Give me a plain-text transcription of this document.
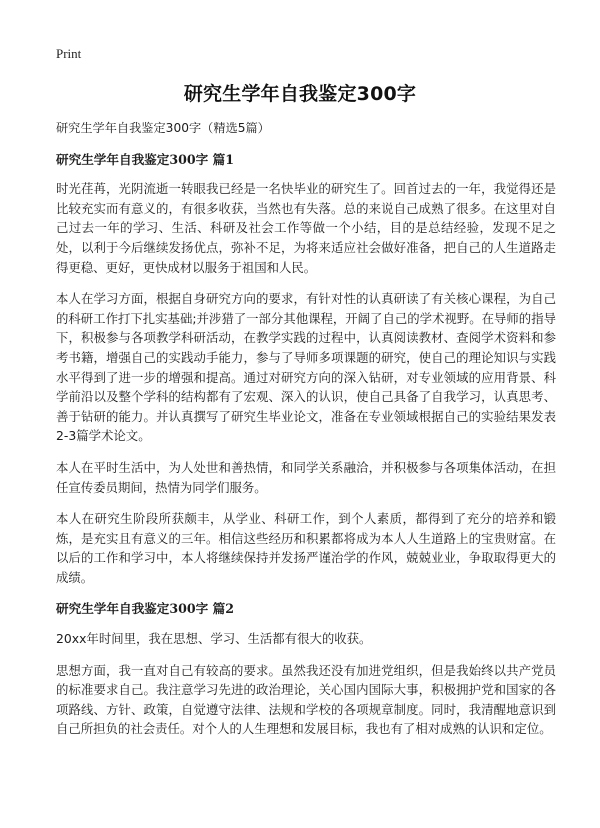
Print
研究生学年自我鉴定300字

研究生学年自我鉴定300字（精选5篇）

研究生学年自我鉴定300字 篇1

时光荏苒，光阴流逝一转眼我已经是一名快毕业的研究生了。回首过去的一年，我觉得还是比较充实而有意义的，有很多收获，当然也有失落。总的来说自己成熟了很多。在这里对自己过去一年的学习、生活、科研及社会工作等做一个小结，目的是总结经验，发现不足之处，以利于今后继续发扬优点，弥补不足，为将来适应社会做好准备，把自己的人生道路走得更稳、更好，更快成材以服务于祖国和人民。

本人在学习方面，根据自身研究方向的要求，有针对性的认真研读了有关核心课程，为自己的科研工作打下扎实基础;并涉猎了一部分其他课程，开阔了自己的学术视野。在导师的指导下，积极参与各项教学科研活动，在教学实践的过程中，认真阅读教材、查阅学术资料和参考书籍，增强自己的实践动手能力，参与了导师多项课题的研究，使自己的理论知识与实践水平得到了进一步的增强和提高。通过对研究方向的深入钻研，对专业领域的应用背景、科学前沿以及整个学科的结构都有了宏观、深入的认识，使自己具备了自我学习，认真思考、善于钻研的能力。并认真撰写了研究生毕业论文，准备在专业领域根据自己的实验结果发表2-3篇学术论文。

本人在平时生活中，为人处世和善热情，和同学关系融洽，并积极参与各项集体活动，在担任宣传委员期间，热情为同学们服务。

本人在研究生阶段所获颇丰，从学业、科研工作，到个人素质，都得到了充分的培养和锻炼，是充实且有意义的三年。相信这些经历和积累都将成为本人人生道路上的宝贵财富。在以后的工作和学习中，本人将继续保持并发扬严谨治学的作风，兢兢业业，争取取得更大的成绩。

研究生学年自我鉴定300字 篇2

20xx年时间里，我在思想、学习、生活都有很大的收获。

思想方面，我一直对自己有较高的要求。虽然我还没有加进党组织，但是我始终以共产党员的标准要求自己。我注意学习先进的政治理论，关心国内国际大事，积极拥护党和国家的各项路线、方针、政策，自觉遵守法律、法规和学校的各项规章制度。同时，我清醒地意识到自己所担负的社会责任。对个人的人生理想和发展目标，我也有了相对成熟的认识和定位。
